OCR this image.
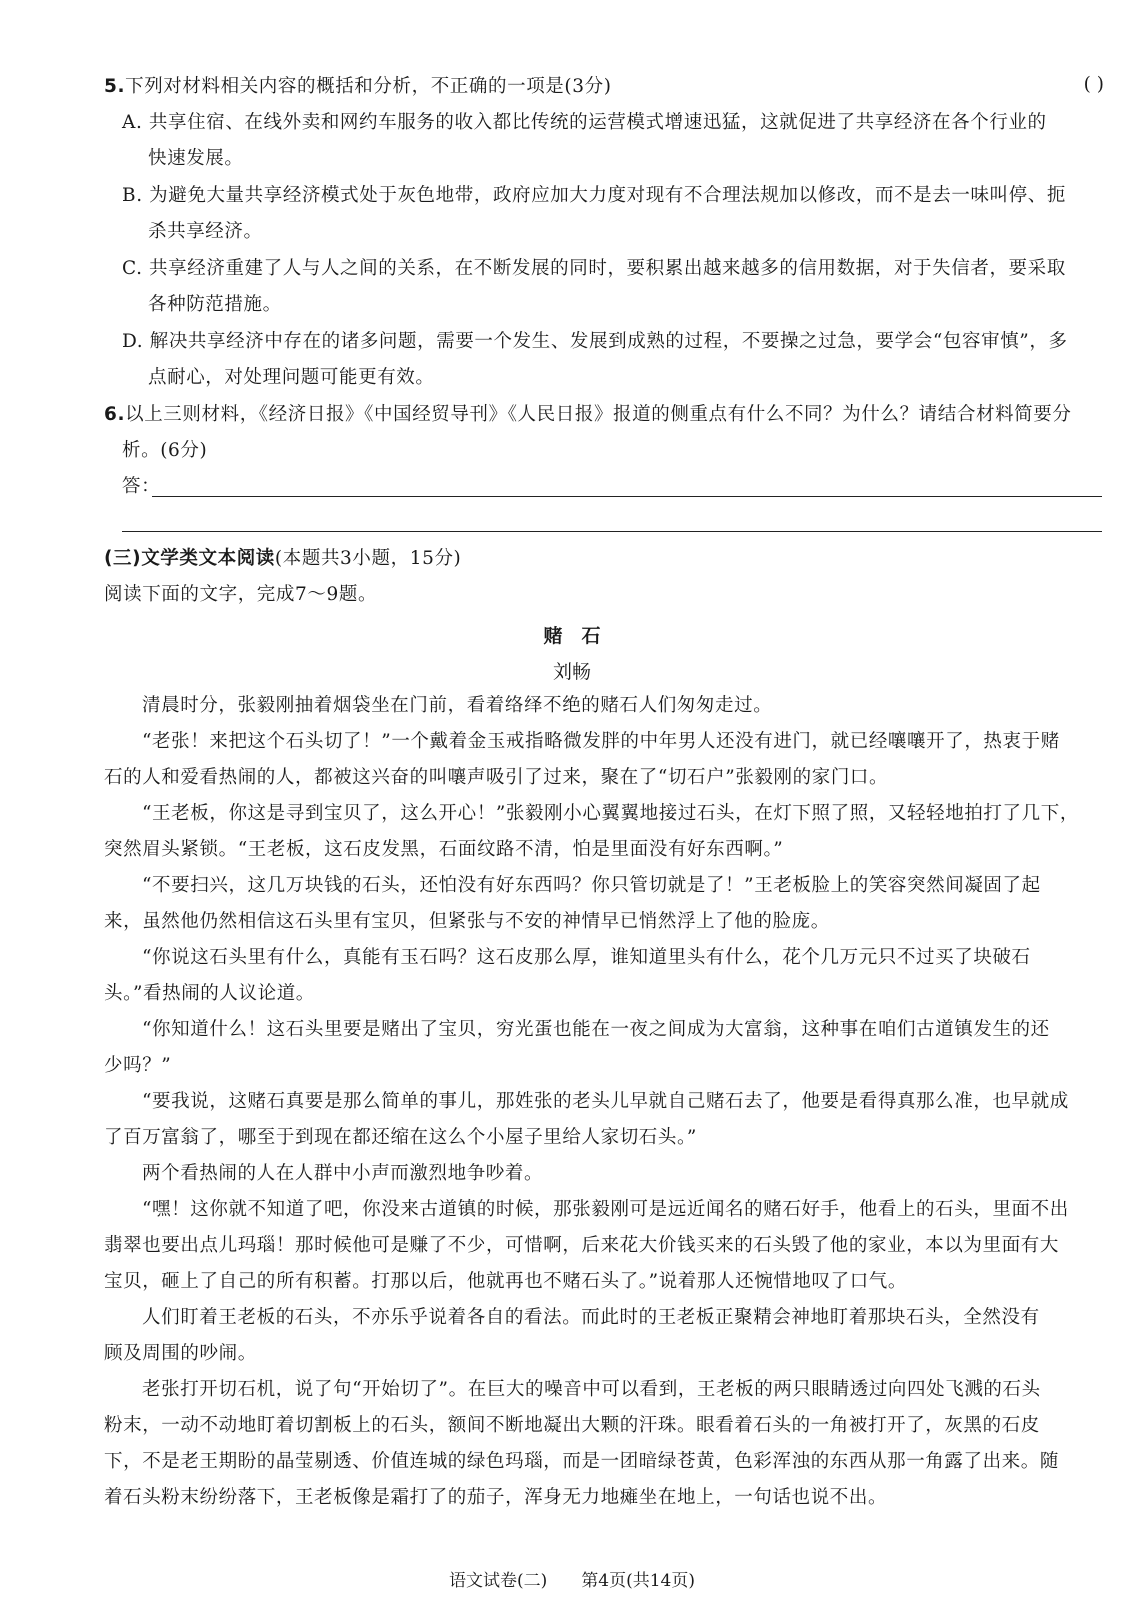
5.下列对材料相关内容的概括和分析，不正确的一项是(3分)	( )
A. 共享住宿、在线外卖和网约车服务的收入都比传统的运营模式增速迅猛，这就促进了共享经济在各个行业的
快速发展。
B. 为避免大量共享经济模式处于灰色地带，政府应加大力度对现有不合理法规加以修改，而不是去一味叫停、扼
杀共享经济。
C. 共享经济重建了人与人之间的关系，在不断发展的同时，要积累出越来越多的信用数据，对于失信者，要采取
各种防范措施。
D. 解决共享经济中存在的诸多问题，需要一个发生、发展到成熟的过程，不要操之过急，要学会“包容审慎”，多
点耐心，对处理问题可能更有效。
6.以上三则材料，《经济日报》《中国经贸导刊》《人民日报》报道的侧重点有什么不同？为什么？请结合材料简要分
析。(6分)
答：
(三)文学类文本阅读(本题共3小题，15分)
阅读下面的文字，完成7～9题。
赌　石
刘畅
清晨时分，张毅刚抽着烟袋坐在门前，看着络绎不绝的赌石人们匆匆走过。
“老张！来把这个石头切了！”一个戴着金玉戒指略微发胖的中年男人还没有进门，就已经嚷嚷开了，热衷于赌
石的人和爱看热闹的人，都被这兴奋的叫嚷声吸引了过来，聚在了“切石户”张毅刚的家门口。
“王老板，你这是寻到宝贝了，这么开心！”张毅刚小心翼翼地接过石头，在灯下照了照，又轻轻地拍打了几下，
突然眉头紧锁。“王老板，这石皮发黑，石面纹路不清，怕是里面没有好东西啊。”
“不要扫兴，这几万块钱的石头，还怕没有好东西吗？你只管切就是了！”王老板脸上的笑容突然间凝固了起
来，虽然他仍然相信这石头里有宝贝，但紧张与不安的神情早已悄然浮上了他的脸庞。
“你说这石头里有什么，真能有玉石吗？这石皮那么厚，谁知道里头有什么，花个几万元只不过买了块破石
头。”看热闹的人议论道。
“你知道什么！这石头里要是赌出了宝贝，穷光蛋也能在一夜之间成为大富翁，这种事在咱们古道镇发生的还
少吗？”
“要我说，这赌石真要是那么简单的事儿，那姓张的老头儿早就自己赌石去了，他要是看得真那么准，也早就成
了百万富翁了，哪至于到现在都还缩在这么个小屋子里给人家切石头。”
两个看热闹的人在人群中小声而激烈地争吵着。
“嘿！这你就不知道了吧，你没来古道镇的时候，那张毅刚可是远近闻名的赌石好手，他看上的石头，里面不出
翡翠也要出点儿玛瑙！那时候他可是赚了不少，可惜啊，后来花大价钱买来的石头毁了他的家业，本以为里面有大
宝贝，砸上了自己的所有积蓄。打那以后，他就再也不赌石头了。”说着那人还惋惜地叹了口气。
人们盯着王老板的石头，不亦乐乎说着各自的看法。而此时的王老板正聚精会神地盯着那块石头，全然没有
顾及周围的吵闹。
老张打开切石机，说了句“开始切了”。在巨大的噪音中可以看到，王老板的两只眼睛透过向四处飞溅的石头
粉末，一动不动地盯着切割板上的石头，额间不断地凝出大颗的汗珠。眼看着石头的一角被打开了，灰黑的石皮
下，不是老王期盼的晶莹剔透、价值连城的绿色玛瑙，而是一团暗绿苍黄，色彩浑浊的东西从那一角露了出来。随
着石头粉末纷纷落下，王老板像是霜打了的茄子，浑身无力地瘫坐在地上，一句话也说不出。
语文试卷(二)　　第4页(共14页)
